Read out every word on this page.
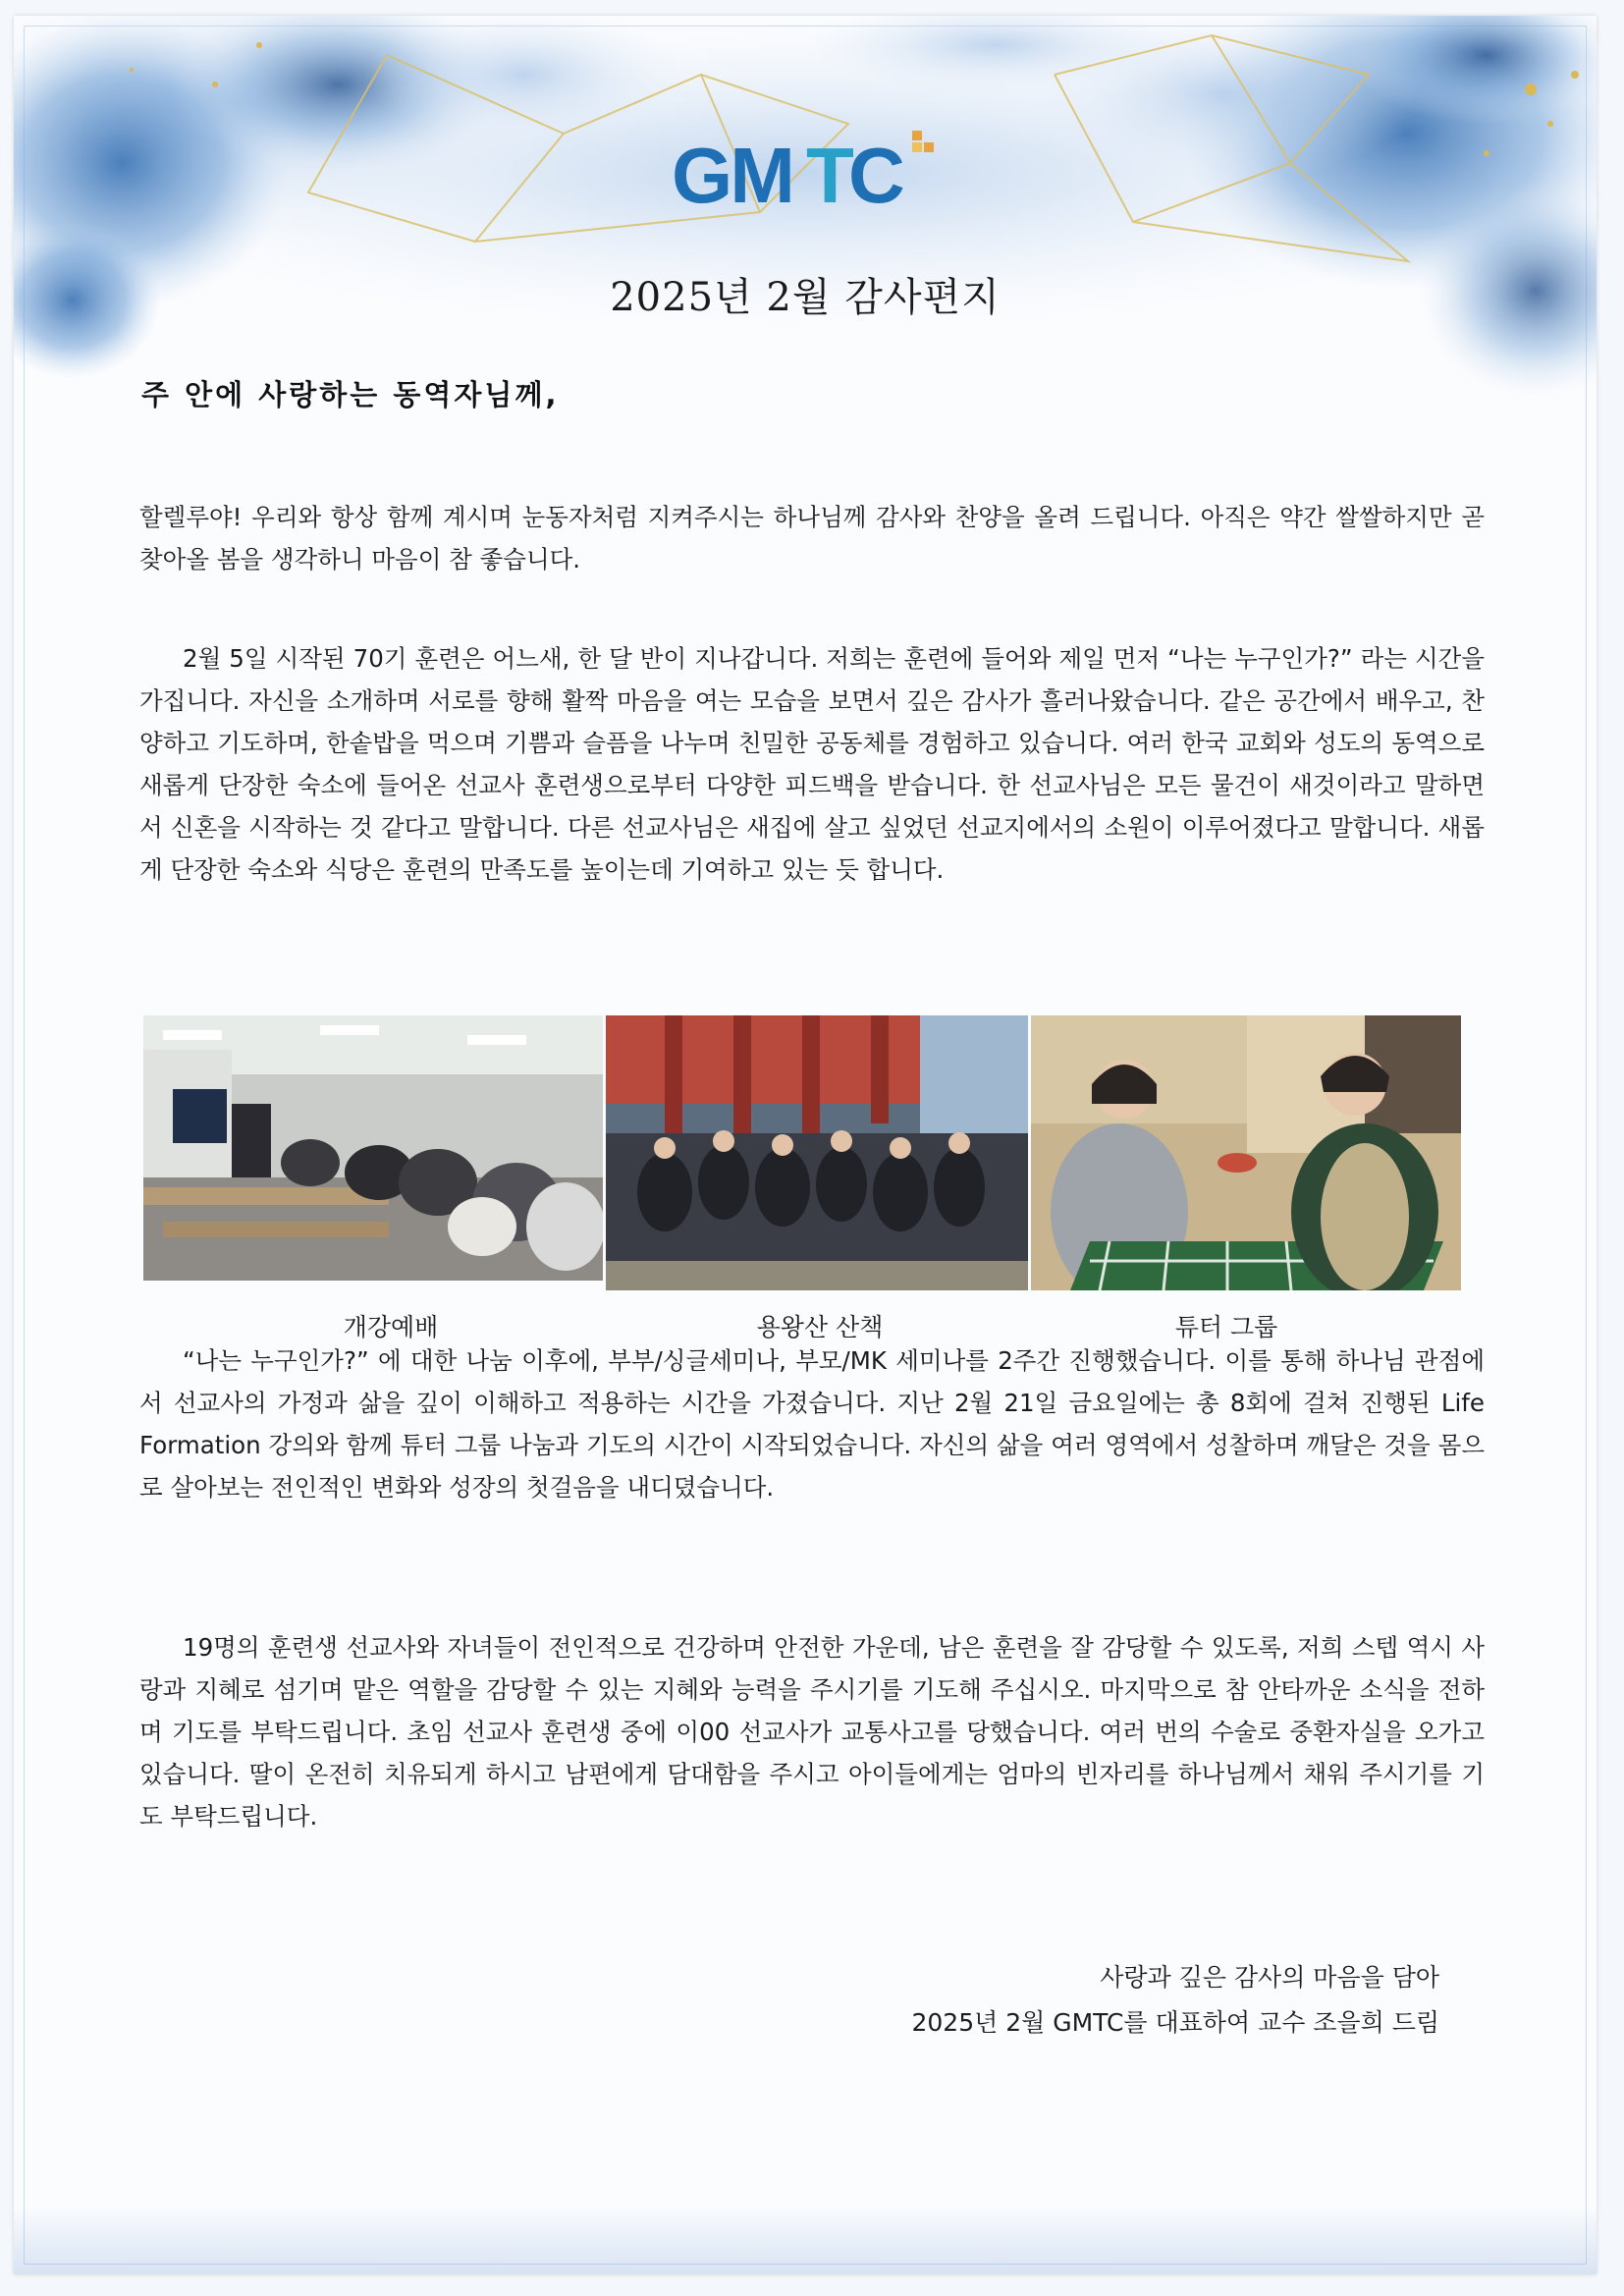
GM T
C
2025년 2월 감사편지
주 안에 사랑하는 동역자님께,
할렐루야! 우리와 항상 함께 계시며 눈동자처럼 지켜주시는 하나님께 감사와 찬양을 올려 드립니다. 아직은 약간 쌀쌀하지만 곧 찾아올 봄을 생각하니 마음이 참 좋습니다.
2월 5일 시작된 70기 훈련은 어느새, 한 달 반이 지나갑니다. 저희는 훈련에 들어와 제일 먼저 “나는 누구인가?” 라는 시간을 가집니다. 자신을 소개하며 서로를 향해 활짝 마음을 여는 모습을 보면서 깊은 감사가 흘러나왔습니다. 같은 공간에서 배우고, 찬양하고 기도하며, 한솥밥을 먹으며 기쁨과 슬픔을 나누며 친밀한 공동체를 경험하고 있습니다. 여러 한국 교회와 성도의 동역으로 새롭게 단장한 숙소에 들어온 선교사 훈련생으로부터 다양한 피드백을 받습니다. 한 선교사님은 모든 물건이 새것이라고 말하면서 신혼을 시작하는 것 같다고 말합니다. 다른 선교사님은 새집에 살고 싶었던 선교지에서의 소원이 이루어졌다고 말합니다. 새롭게 단장한 숙소와 식당은 훈련의 만족도를 높이는데 기여하고 있는 듯 합니다.
개강예배	용왕산 산책	튜터 그룹
“나는 누구인가?” 에 대한 나눔 이후에, 부부/싱글세미나, 부모/MK 세미나를 2주간 진행했습니다. 이를 통해 하나님 관점에서 선교사의 가정과 삶을 깊이 이해하고 적용하는 시간을 가졌습니다. 지난 2월 21일 금요일에는 총 8회에 걸쳐 진행된 Life Formation 강의와 함께 튜터 그룹 나눔과 기도의 시간이 시작되었습니다. 자신의 삶을 여러 영역에서 성찰하며 깨달은 것을 몸으로 살아보는 전인적인 변화와 성장의 첫걸음을 내디뎠습니다.
19명의 훈련생 선교사와 자녀들이 전인적으로 건강하며 안전한 가운데, 남은 훈련을 잘 감당할 수 있도록, 저희 스텝 역시 사랑과 지혜로 섬기며 맡은 역할을 감당할 수 있는 지혜와 능력을 주시기를 기도해 주십시오. 마지막으로 참 안타까운 소식을 전하며 기도를 부탁드립니다. 초임 선교사 훈련생 중에 이00 선교사가 교통사고를 당했습니다. 여러 번의 수술로 중환자실을 오가고 있습니다. 딸이 온전히 치유되게 하시고 남편에게 담대함을 주시고 아이들에게는 엄마의 빈자리를 하나님께서 채워 주시기를 기도 부탁드립니다.
사랑과 깊은 감사의 마음을 담아
2025년 2월 GMTC를 대표하여 교수 조을희 드림
